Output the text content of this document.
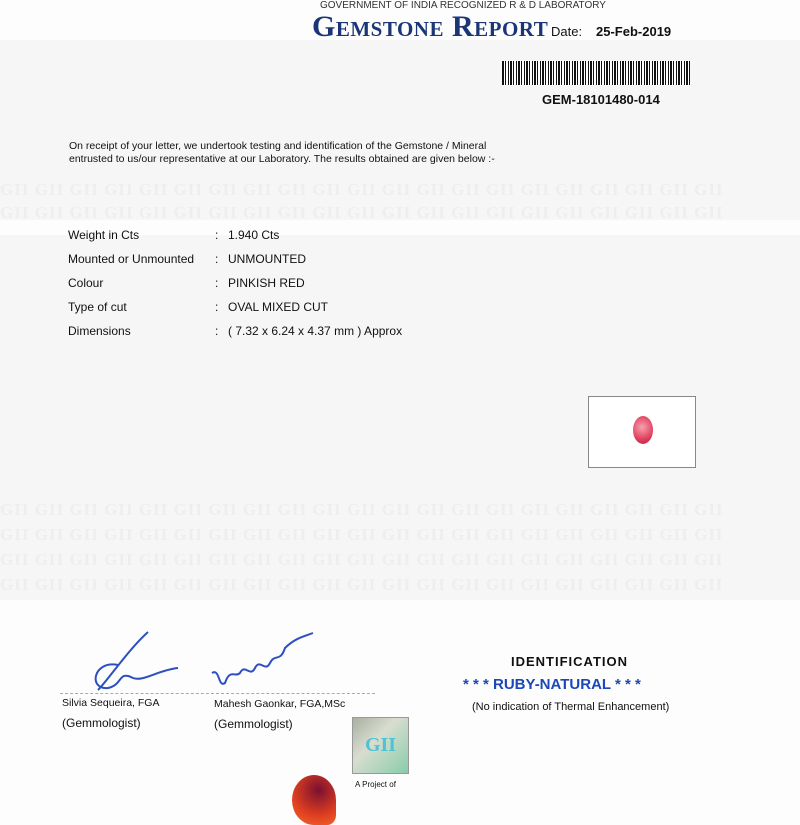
GII GII GII GII GII GII GII GII GII GII GII GII GII GII GII GII GII GII GII GII GII
GII GII GII GII GII GII GII GII GII GII GII GII GII GII GII GII GII GII GII GII GII
GII GII GII GII GII GII GII GII GII GII GII GII GII GII GII GII GII GII GII GII GII
GII GII GII GII GII GII GII GII GII GII GII GII GII GII GII GII GII GII GII GII GII
GII GII GII GII GII GII GII GII GII GII GII GII GII GII GII GII GII GII GII GII GII
GII GII GII GII GII GII GII GII GII GII GII GII GII GII GII GII GII GII GII GII GII
GOVERNMENT OF INDIA RECOGNIZED R & D LABORATORY
Gemstone Report Date: 25-Feb-2019
GEM-18101480-014
On receipt of your letter, we undertook testing and identification of the Gemstone / Mineral entrusted to us/our representative at our Laboratory. The results obtained are given below :-
Weight in Cts	: 1.940 Cts
Mounted or Unmounted	: UNMOUNTED
Colour	: PINKISH RED
Type of cut	: OVAL MIXED CUT
Dimensions	: ( 7.32 x 6.24 x 4.37 mm ) Approx
Silvia Sequeira, FGA
(Gemmologist)
Mahesh Gaonkar, FGA,MSc
(Gemmologist)
IDENTIFICATION
* * * RUBY-NATURAL * * *
(No indication of Thermal Enhancement)
GII
A Project of
